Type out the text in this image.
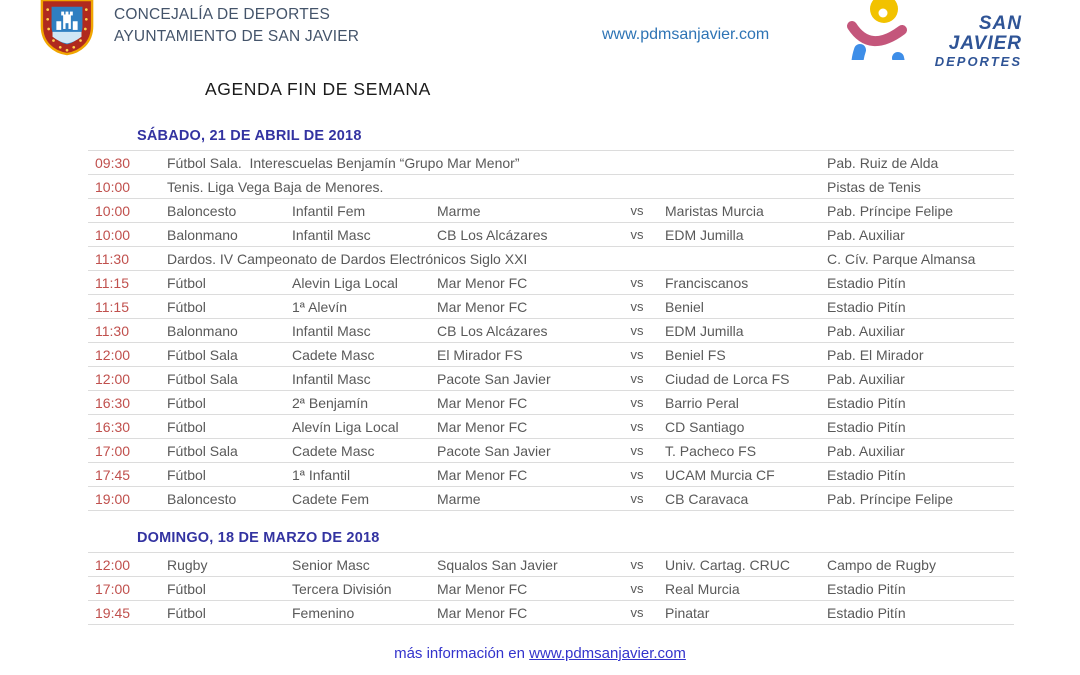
CONCEJALÍA DE DEPORTES
AYUNTAMIENTO DE SAN JAVIER	www.pdmsanjavier.com
SAN JAVIER
DEPORTES
AGENDA FIN DE SEMANA
SÁBADO, 21 DE ABRIL DE 2018
09:30	Fútbol Sala.  Interescuelas Benjamín “Grupo Mar Menor”	Pab. Ruiz de Alda
10:00	Tenis. Liga Vega Baja de Menores.	Pistas de Tenis
10:00	Baloncesto	Infantil Fem	Marme	vs	Maristas Murcia	Pab. Príncipe Felipe
10:00	Balonmano	Infantil Masc	CB Los Alcázares	vs	EDM Jumilla	Pab. Auxiliar
11:30	Dardos. IV Campeonato de Dardos Electrónicos Siglo XXI	C. Cív. Parque Almansa
11:15	Fútbol	Alevin Liga Local	Mar Menor FC	vs	Franciscanos	Estadio Pitín
11:15	Fútbol	1ª Alevín	Mar Menor FC	vs	Beniel	Estadio Pitín
11:30	Balonmano	Infantil Masc	CB Los Alcázares	vs	EDM Jumilla	Pab. Auxiliar
12:00	Fútbol Sala	Cadete Masc	El Mirador FS	vs	Beniel FS	Pab. El Mirador
12:00	Fútbol Sala	Infantil Masc	Pacote San Javier	vs	Ciudad de Lorca FS	Pab. Auxiliar
16:30	Fútbol	2ª Benjamín	Mar Menor FC	vs	Barrio Peral	Estadio Pitín
16:30	Fútbol	Alevín Liga Local	Mar Menor FC	vs	CD Santiago	Estadio Pitín
17:00	Fútbol Sala	Cadete Masc	Pacote San Javier	vs	T. Pacheco FS	Pab. Auxiliar
17:45	Fútbol	1ª Infantil	Mar Menor FC	vs	UCAM Murcia CF	Estadio Pitín
19:00	Baloncesto	Cadete Fem	Marme	vs	CB Caravaca	Pab. Príncipe Felipe
DOMINGO, 18 DE MARZO DE 2018
12:00	Rugby	Senior Masc	Squalos San Javier	vs	Univ. Cartag. CRUC	Campo de Rugby
17:00	Fútbol	Tercera División	Mar Menor FC	vs	Real Murcia	Estadio Pitín
19:45	Fútbol	Femenino	Mar Menor FC	vs	Pinatar	Estadio Pitín
más información en www.pdmsanjavier.com
